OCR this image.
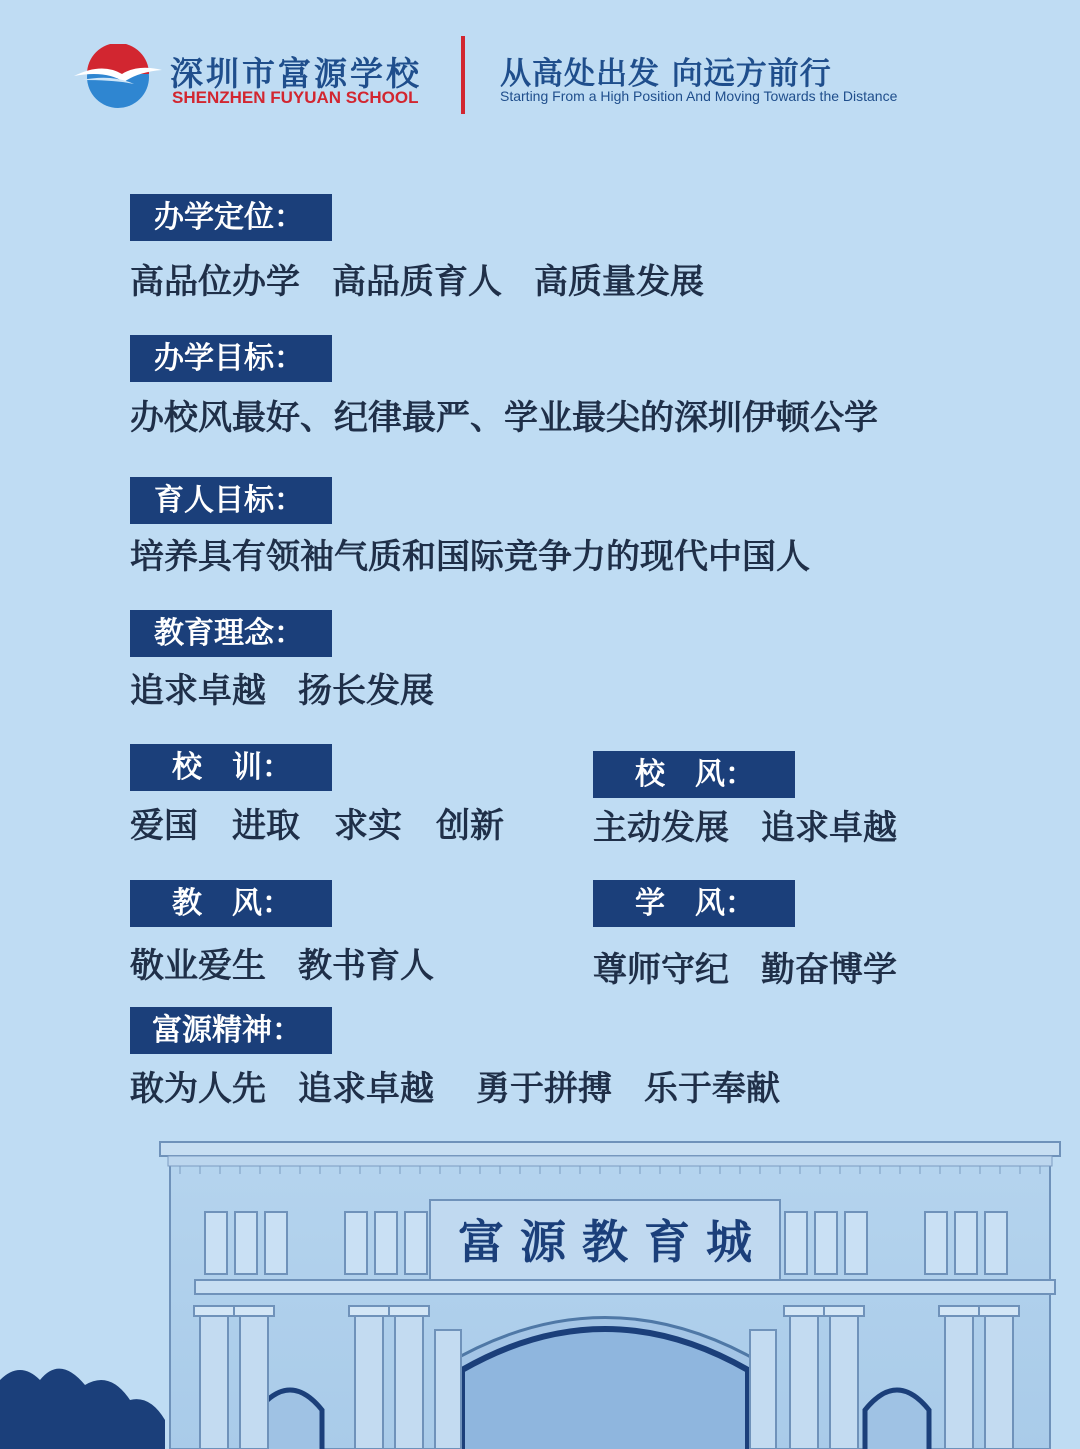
深圳市富源学校
SHENZHEN FUYUAN SCHOOL
从高处出发 向远方前行
Starting From a High Position And Moving Towards the Distance
办学定位：
高品位办学 高品质育人 高质量发展
办学目标：
办校风最好、纪律最严、学业最尖的深圳伊顿公学
育人目标：
培养具有领袖气质和国际竞争力的现代中国人
教育理念：
追求卓越 扬长发展
校　训：
爱国 进取 求实 创新
校　风：
主动发展 追求卓越
教　风：
敬业爱生 教书育人
学　风：
尊师守纪 勤奋博学
富源精神：
敢为人先 追求卓越 勇于拼搏 乐于奉献
富 源 教 育 城
